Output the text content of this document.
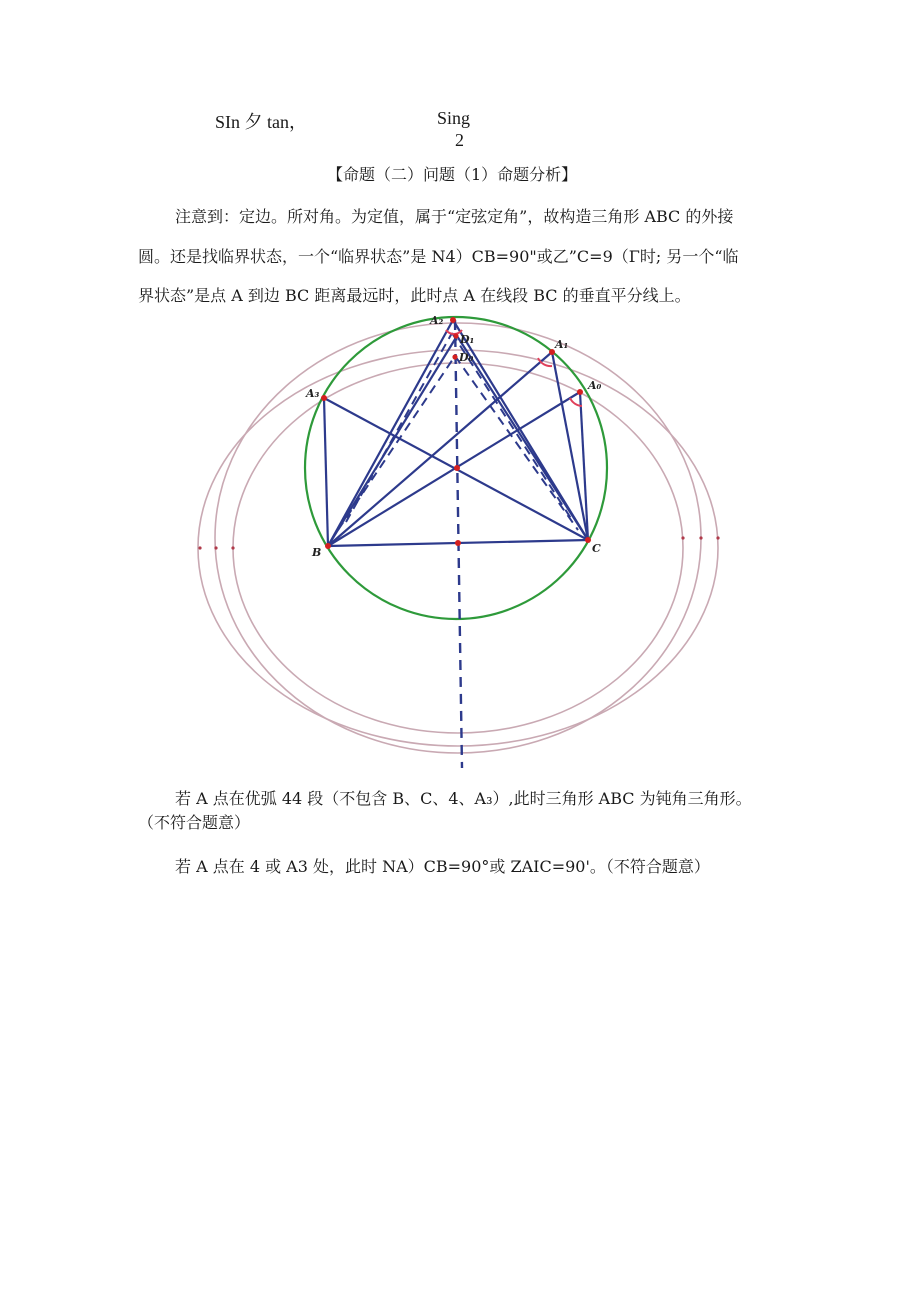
SIn 夕 tan，	Sing
2
【命题（二）问题（1）命题分析】
注意到：定边。所对角。为定值，属于“定弦定角”，故构造三角形 ABC 的外接
圆。还是找临界状态，一个“临界状态”是 N4）CB=90"或乙”C=9（Γ时; 另一个“临
界状态”是点 A 到边 BC 距离最远时，此时点 A 在线段 BC 的垂直平分线上。
A₂
D₁
D₀
A₁
A₀
A₃
B	C
若 A 点在优弧 44 段（不包含 B、C、4、A₃）,此时三角形 ABC 为钝角三角形。
（不符合题意）
若 A 点在 4 或 A3 处，此时 NA）CB=90°或 ZAIC=90'。（不符合题意）
